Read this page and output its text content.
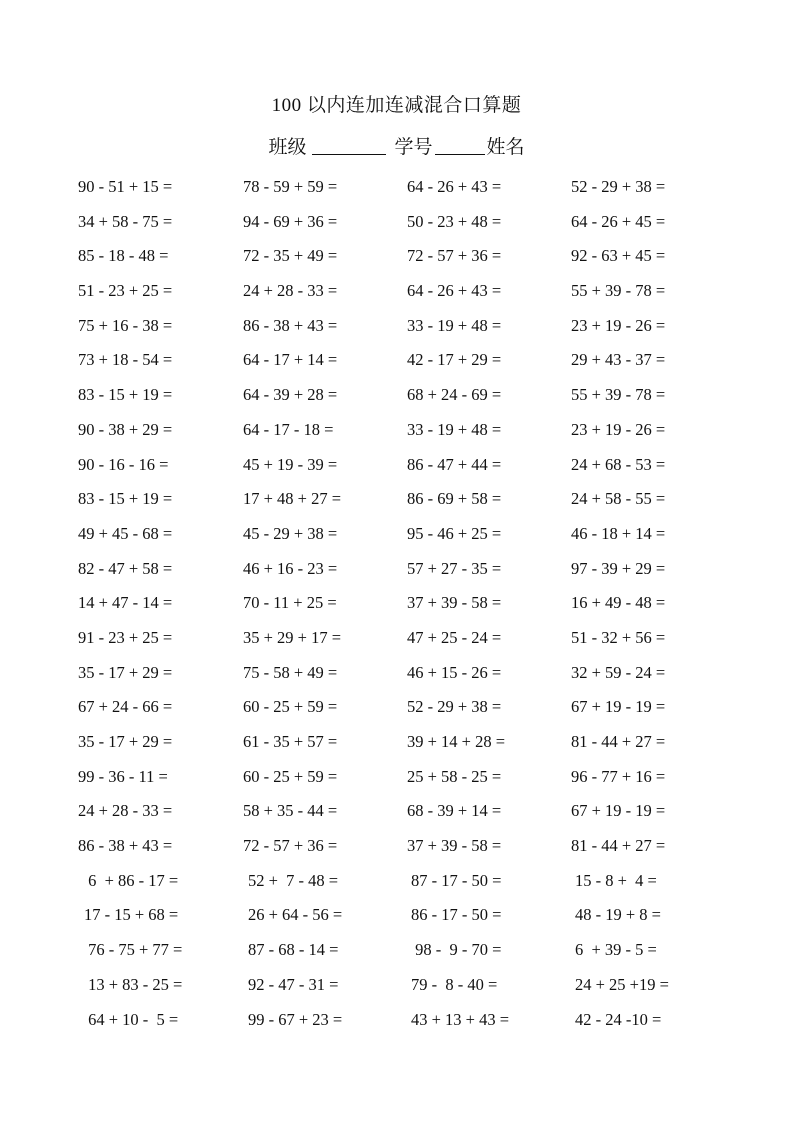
100 以内连加连减混合口算题
班级	学号	姓名
90 - 51 + 15 =	78 - 59 + 59 =	64 - 26 + 43 =	52 - 29 + 38 =
34 + 58 - 75 =	94 - 69 + 36 =	50 - 23 + 48 =	64 - 26 + 45 =
85 - 18 - 48 =	72 - 35 + 49 =	72 - 57 + 36 =	92 - 63 + 45 =
51 - 23 + 25 =	24 + 28 - 33 =	64 - 26 + 43 =	55 + 39 - 78 =
75 + 16 - 38 =	86 - 38 + 43 =	33 - 19 + 48 =	23 + 19 - 26 =
73 + 18 - 54 =	64 - 17 + 14 =	42 - 17 + 29 =	29 + 43 - 37 =
83 - 15 + 19 =	64 - 39 + 28 =	68 + 24 - 69 =	55 + 39 - 78 =
90 - 38 + 29 =	64 - 17 - 18 =	33 - 19 + 48 =	23 + 19 - 26 =
90 - 16 - 16 =	45 + 19 - 39 =	86 - 47 + 44 =	24 + 68 - 53 =
83 - 15 + 19 =	17 + 48 + 27 =	86 - 69 + 58 =	24 + 58 - 55 =
49 + 45 - 68 =	45 - 29 + 38 =	95 - 46 + 25 =	46 - 18 + 14 =
82 - 47 + 58 =	46 + 16 - 23 =	57 + 27 - 35 =	97 - 39 + 29 =
14 + 47 - 14 =	70 - 11 + 25 =	37 + 39 - 58 =	16 + 49 - 48 =
91 - 23 + 25 =	35 + 29 + 17 =	47 + 25 - 24 =	51 - 32 + 56 =
35 - 17 + 29 =	75 - 58 + 49 =	46 + 15 - 26 =	32 + 59 - 24 =
67 + 24 - 66 =	60 - 25 + 59 =	52 - 29 + 38 =	67 + 19 - 19 =
35 - 17 + 29 =	61 - 35 + 57 =	39 + 14 + 28 =	81 - 44 + 27 =
99 - 36 - 11 =	60 - 25 + 59 =	25 + 58 - 25 =	96 - 77 + 16 =
24 + 28 - 33 =	58 + 35 - 44 =	68 - 39 + 14 =	67 + 19 - 19 =
86 - 38 + 43 =	72 - 57 + 36 =	37 + 39 - 58 =	81 - 44 + 27 =
6  + 86 - 17 =	52 +  7 - 48 =	87 - 17 - 50 =	15 - 8 +  4 =
17 - 15 + 68 =	26 + 64 - 56 =	86 - 17 - 50 =	48 - 19 + 8 =
76 - 75 + 77 =	87 - 68 - 14 =	98 -  9 - 70 =	6  + 39 - 5 =
13 + 83 - 25 =	92 - 47 - 31 =	79 -  8 - 40 =	24 + 25 +19 =
64 + 10 -  5 =	99 - 67 + 23 =	43 + 13 + 43 =	42 - 24 -10 =
